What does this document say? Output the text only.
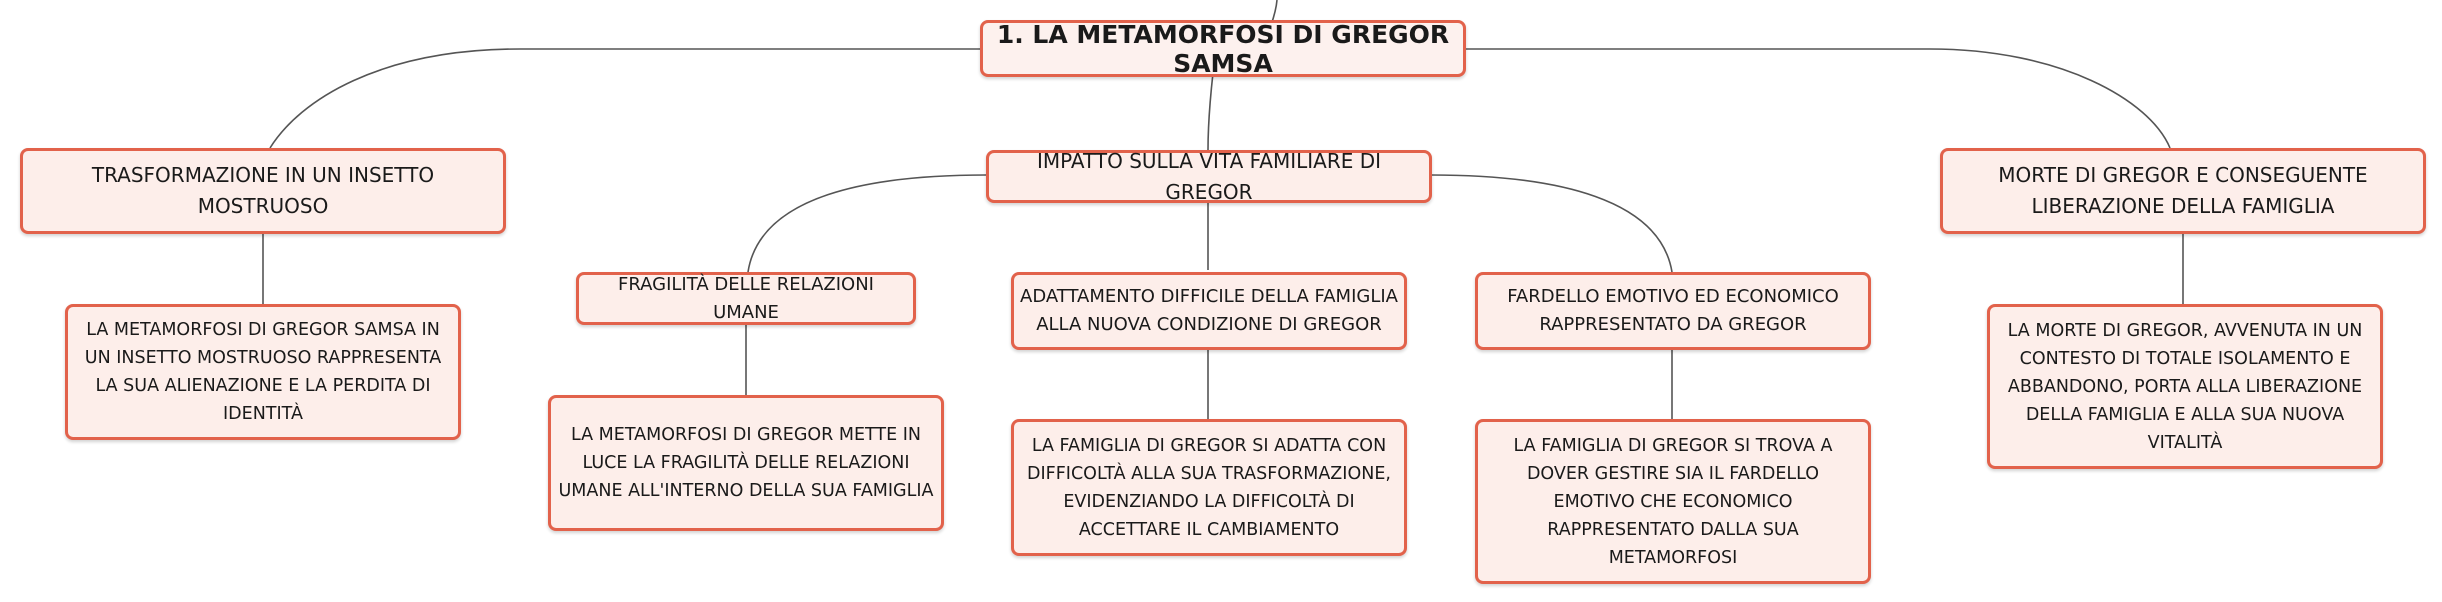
1. LA METAMORFOSI DI GREGOR SAMSA
TRASFORMAZIONE IN UN INSETTO MOSTRUOSO
LA METAMORFOSI DI GREGOR SAMSA IN UN INSETTO MOSTRUOSO RAPPRESENTA LA SUA ALIENAZIONE E LA PERDITA DI IDENTITÀ
IMPATTO SULLA VITA FAMILIARE DI GREGOR
FRAGILITÀ DELLE RELAZIONI UMANE
LA METAMORFOSI DI GREGOR METTE IN LUCE LA FRAGILITÀ DELLE RELAZIONI UMANE ALL'INTERNO DELLA SUA FAMIGLIA
ADATTAMENTO DIFFICILE DELLA FAMIGLIA ALLA NUOVA CONDIZIONE DI GREGOR
LA FAMIGLIA DI GREGOR SI ADATTA CON DIFFICOLTÀ ALLA SUA TRASFORMAZIONE, EVIDENZIANDO LA DIFFICOLTÀ DI ACCETTARE IL CAMBIAMENTO
FARDELLO EMOTIVO ED ECONOMICO RAPPRESENTATO DA GREGOR
LA FAMIGLIA DI GREGOR SI TROVA A DOVER GESTIRE SIA IL FARDELLO EMOTIVO CHE ECONOMICO RAPPRESENTATO DALLA SUA METAMORFOSI
MORTE DI GREGOR E CONSEGUENTE LIBERAZIONE DELLA FAMIGLIA
LA MORTE DI GREGOR, AVVENUTA IN UN CONTESTO DI TOTALE ISOLAMENTO E ABBANDONO, PORTA ALLA LIBERAZIONE DELLA FAMIGLIA E ALLA SUA NUOVA VITALITÀ
